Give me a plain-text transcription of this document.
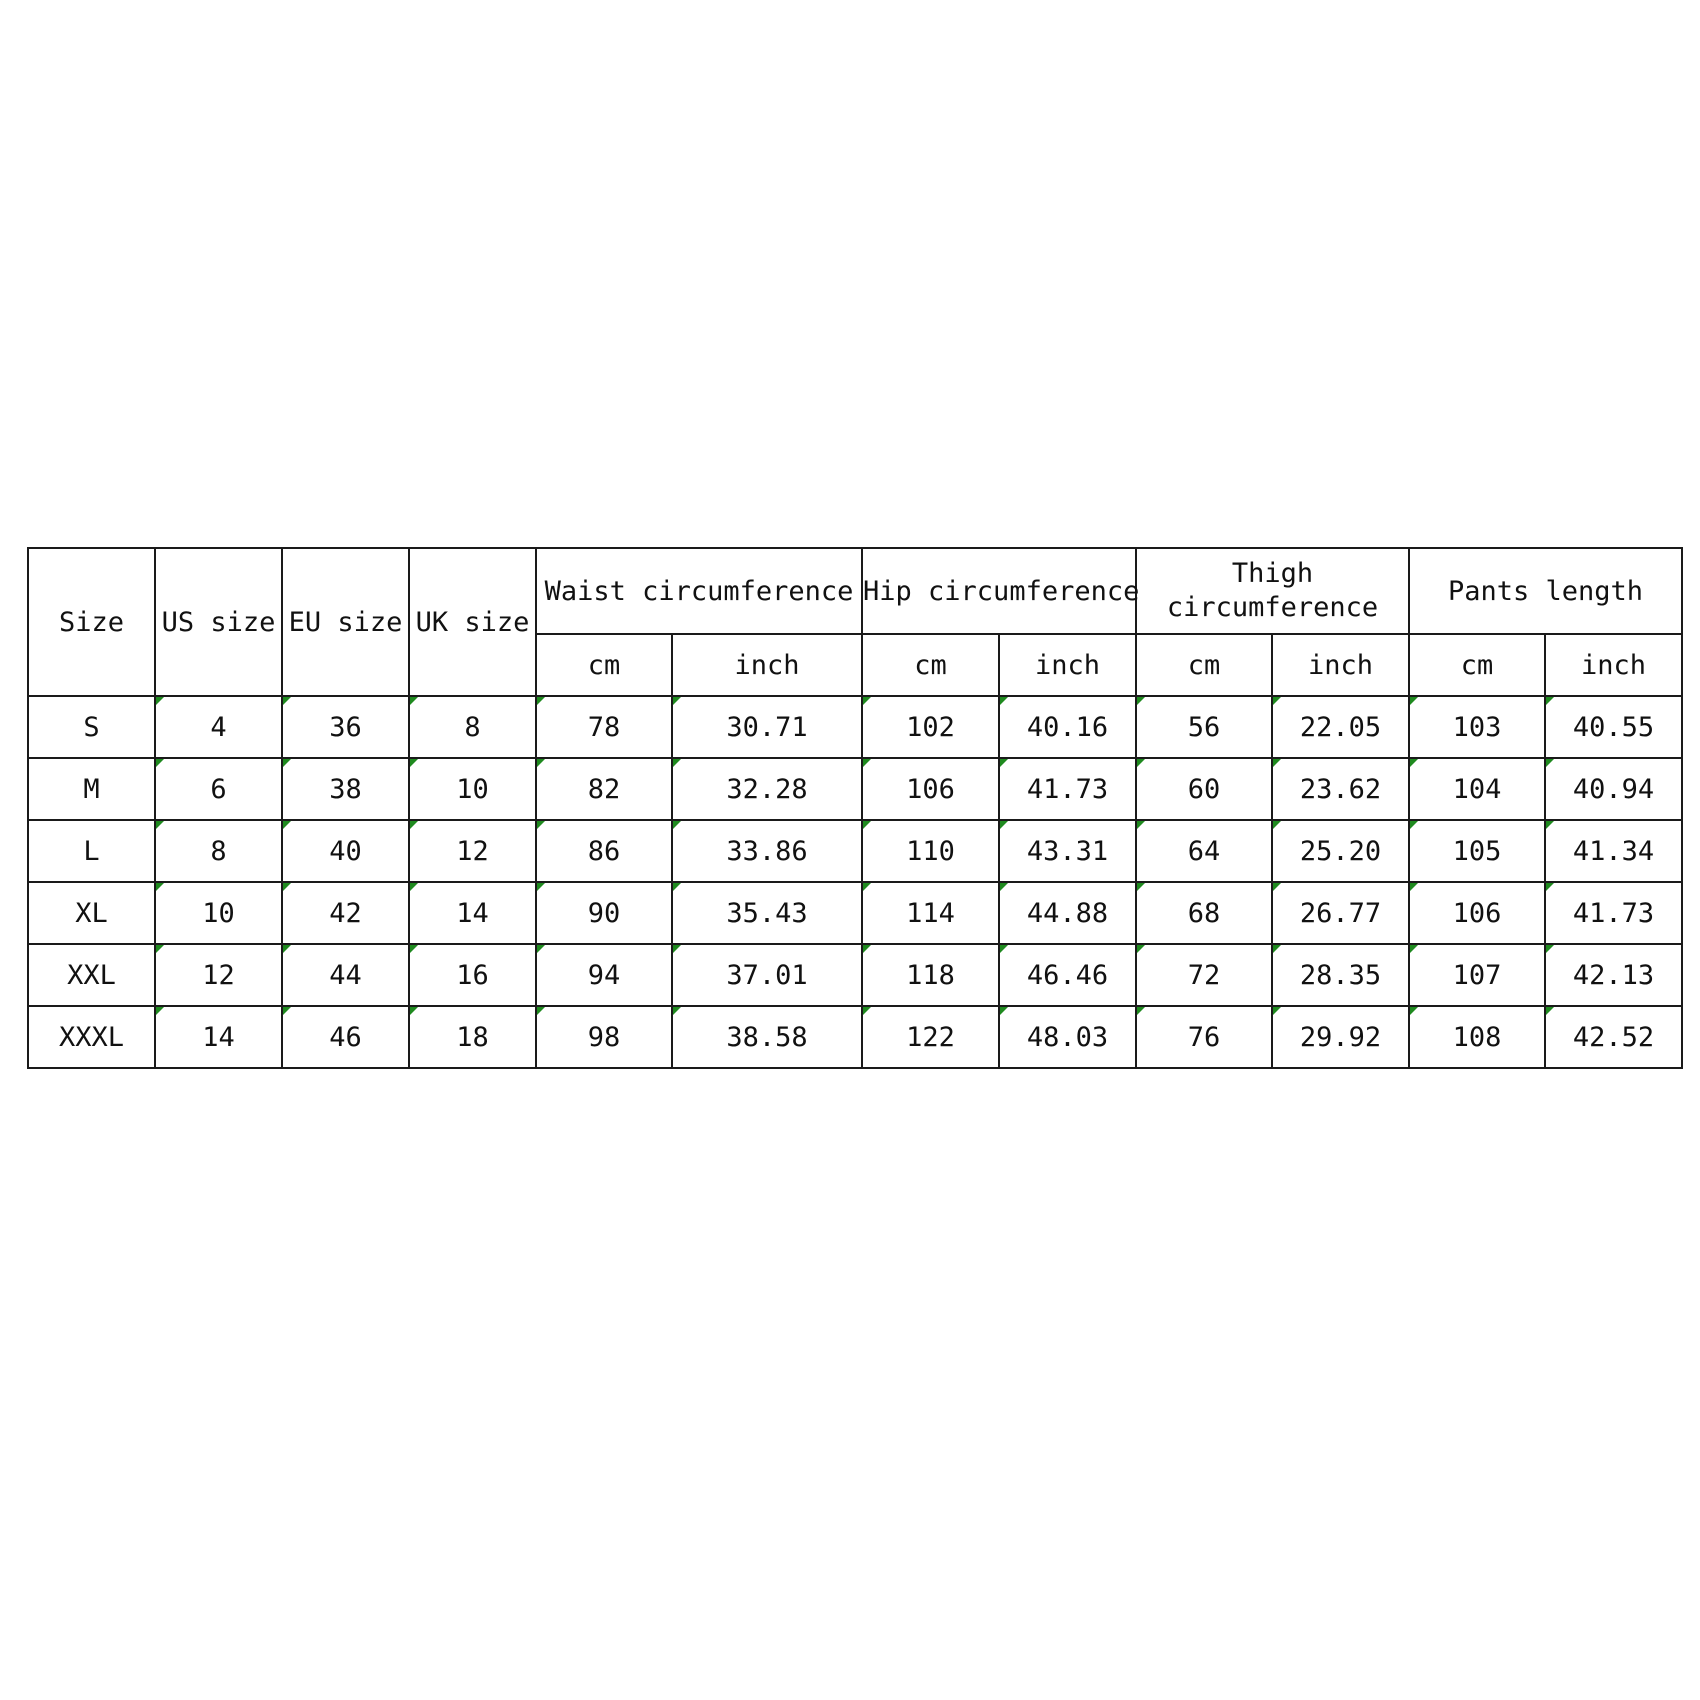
Size	US size	EU size	UK size	Waist circumference		Hip circumference		Thigh circumference		Pants length	
				cm	inch	cm	inch	cm	inch	cm	inch
S	4	36	8	78	30.71	102	40.16	56	22.05	103	40.55
M	6	38	10	82	32.28	106	41.73	60	23.62	104	40.94
L	8	40	12	86	33.86	110	43.31	64	25.20	105	41.34
XL	10	42	14	90	35.43	114	44.88	68	26.77	106	41.73
XXL	12	44	16	94	37.01	118	46.46	72	28.35	107	42.13
XXXL	14	46	18	98	38.58	122	48.03	76	29.92	108	42.52
